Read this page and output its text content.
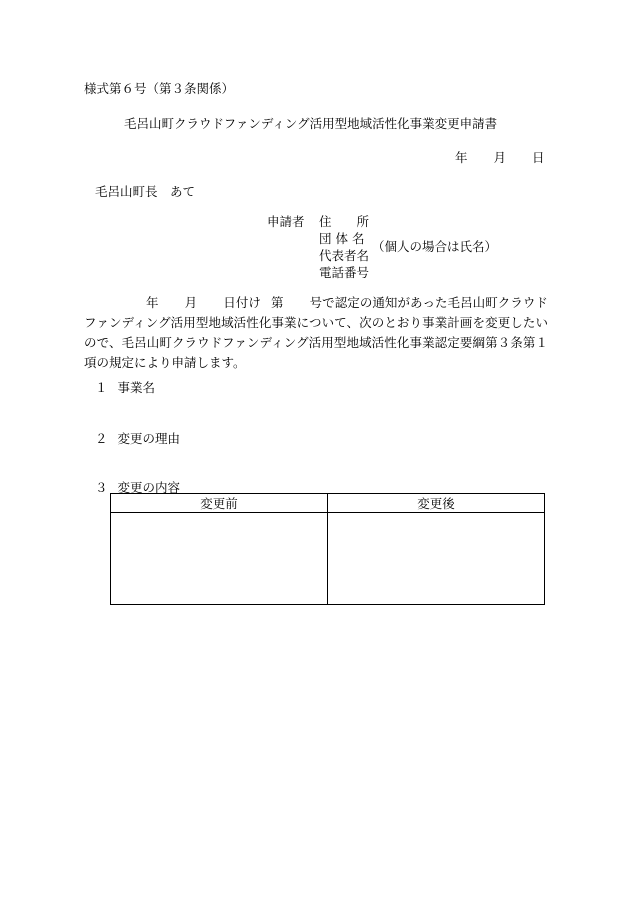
様式第６号（第３条関係）
毛呂山町クラウドファンディング活用型地域活性化事業変更申請書
年 月 日
毛呂山町長　あて
申請者 住　　所
団 体 名
代表者名
（個人の場合は氏名）
電話番号
年 月 日付け 第 号で認定の通知があった毛呂山町クラウドファンディング活用型地域活性化事業について、次のとおり事業計画を変更したいので、毛呂山町クラウドファンディング活用型地域活性化事業認定要綱第３条第１項の規定により申請します。
１ 事業名
２ 変更の理由
３ 変更の内容
変更前	変更後
